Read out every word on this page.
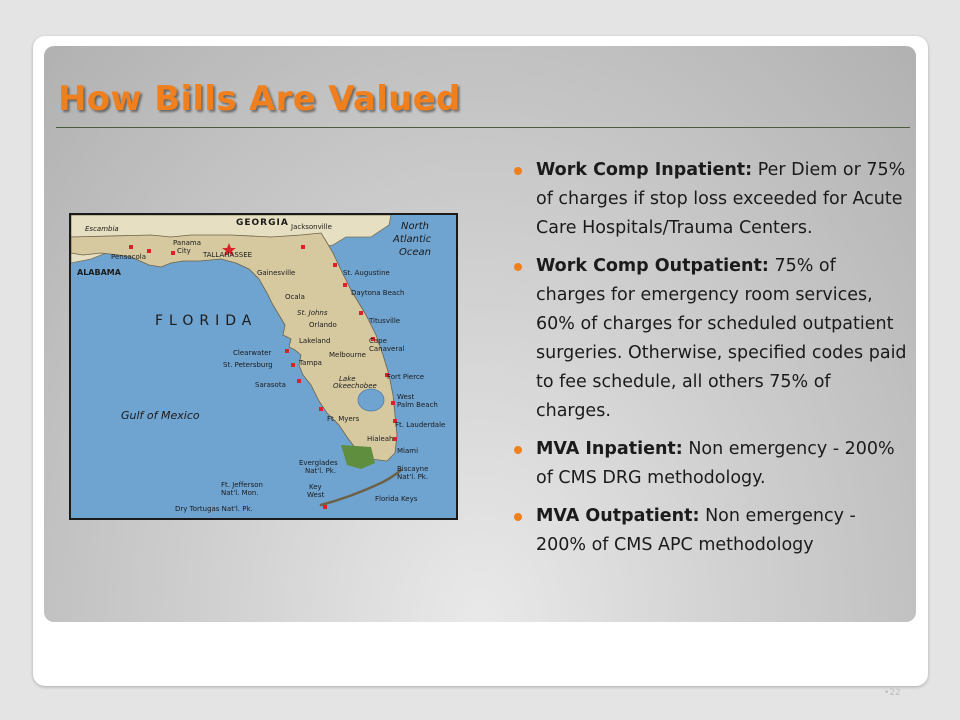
How Bills Are Valued
GEORGIA
ALABAMA
FLORIDA
North
Atlantic
Ocean
Gulf of Mexico
TALLAHASSEE
Escambia
Pensacola
Panama
City
Jacksonville
St. Augustine
Gainesville
Daytona Beach
Ocala
St. Johns
Orlando	Titusville
Cape
Canaveral
Lakeland
Clearwater	Melbourne
St. Petersburg	Tampa
Lake
Okeechobee
Fort Pierce
Sarasota
West
Palm Beach
Ft. Myers
Ft. Lauderdale
Hialeah
Miami
Everglades
Nat'l. Pk.	Biscayne
Nat'l. Pk.
Ft. Jefferson
Nat'l. Mon.
Key
West
Dry Tortugas Nat'l. Pk.
Florida Keys
Work Comp Inpatient: Per Diem or 75% of charges if stop loss exceeded for Acute Care Hospitals/Trauma Centers.
Work Comp Outpatient: 75% of charges for emergency room services, 60% of charges for scheduled outpatient surgeries. Otherwise, specified codes paid to fee schedule, all others 75% of charges.
MVA Inpatient: Non emergency - 200% of CMS DRG methodology.
MVA Outpatient: Non emergency - 200% of CMS APC methodology
•22
